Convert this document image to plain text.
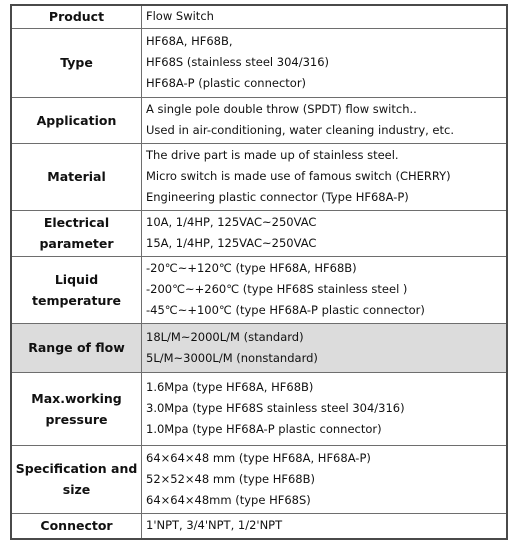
Product	Flow Switch

Type	HF68A, HF68B,
HF68S (stainless steel 304/316)
HF68A-P (plastic connector)

Application	A single pole double throw (SPDT) flow switch..
Used in air-conditioning, water cleaning industry, etc.

Material	The drive part is made up of stainless steel.
Micro switch is made use of famous switch (CHERRY)
Engineering plastic connector (Type HF68A-P)

Electrical parameter	10A, 1/4HP, 125VAC~250VAC
15A, 1/4HP, 125VAC~250VAC

Liquid temperature	-20℃~+120℃ (type HF68A, HF68B)
-200℃~+260℃ (type HF68S stainless steel )
-45℃~+100℃ (type HF68A-P plastic connector)

Range of flow	18L/M~2000L/M (standard)
5L/M~3000L/M (nonstandard)

Max.working pressure	1.6Mpa (type HF68A, HF68B)
3.0Mpa (type HF68S stainless steel 304/316)
1.0Mpa (type HF68A-P plastic connector)

Specification and size	64×64×48 mm (type HF68A, HF68A-P)
52×52×48 mm (type HF68B)
64×64×48mm (type HF68S)

Connector	1'NPT, 3/4'NPT, 1/2'NPT
